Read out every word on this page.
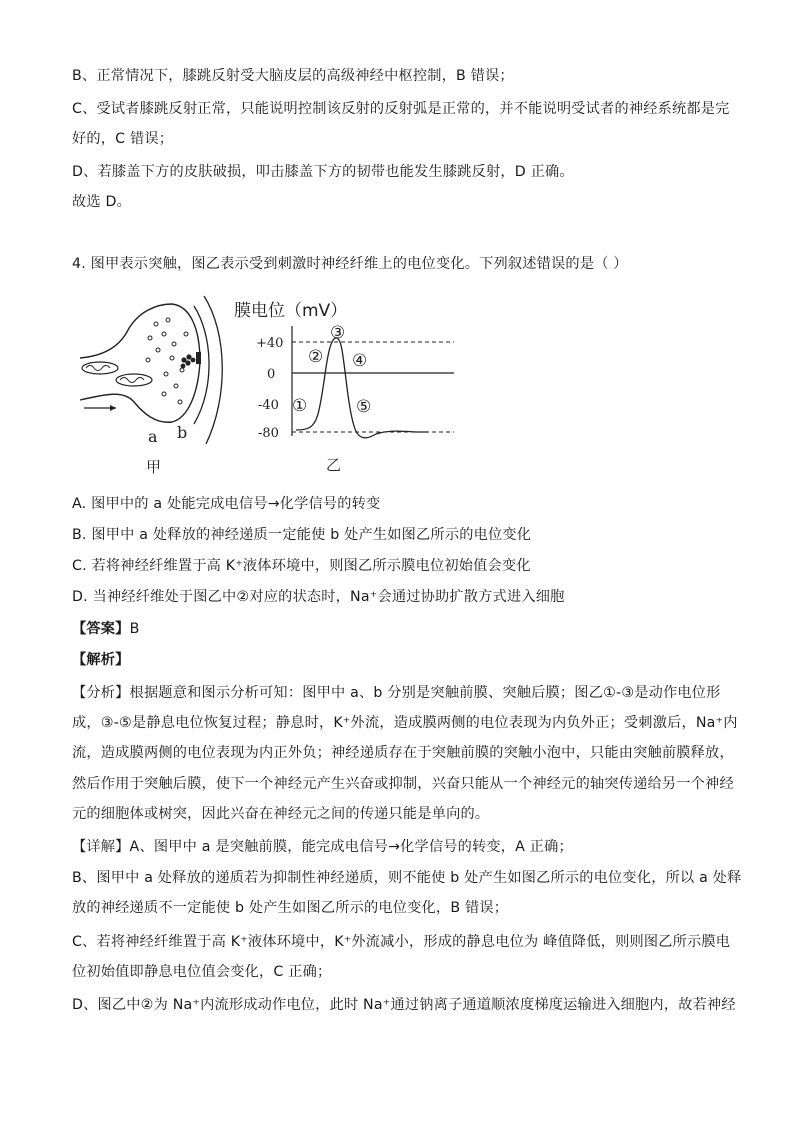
B、正常情况下，膝跳反射受大脑皮层的高级神经中枢控制，B 错误；
C、受试者膝跳反射正常，只能说明控制该反射的反射弧是正常的，并不能说明受试者的神经系统都是完
好的，C 错误；
D、若膝盖下方的皮肤破损，叩击膝盖下方的韧带也能发生膝跳反射，D 正确。
故选 D。
4. 图甲表示突触，图乙表示受到刺激时神经纤维上的电位变化。下列叙述错误的是（ ）
a b
甲
膜电位（mV）
+40
0
-40
-80
①
②
③
④
⑤
乙
A. 图甲中的 a 处能完成电信号→化学信号的转变
B. 图甲中 a 处释放的神经递质一定能使 b 处产生如图乙所示的电位变化
C. 若将神经纤维置于高 K⁺液体环境中，则图乙所示膜电位初始值会变化
D. 当神经纤维处于图乙中②对应的状态时，Na⁺会通过协助扩散方式进入细胞
【答案】B
【解析】
【分析】根据题意和图示分析可知：图甲中 a、b 分别是突触前膜、突触后膜；图乙①-③是动作电位形
成，③-⑤是静息电位恢复过程；静息时，K⁺外流，造成膜两侧的电位表现为内负外正；受刺激后，Na⁺内
流，造成膜两侧的电位表现为内正外负；神经递质存在于突触前膜的突触小泡中，只能由突触前膜释放，
然后作用于突触后膜，使下一个神经元产生兴奋或抑制，兴奋只能从一个神经元的轴突传递给另一个神经
元的细胞体或树突，因此兴奋在神经元之间的传递只能是单向的。
【详解】A、图甲中 a 是突触前膜，能完成电信号→化学信号的转变，A 正确；
B、图甲中 a 处释放的递质若为抑制性神经递质，则不能使 b 处产生如图乙所示的电位变化，所以 a 处释
放的神经递质不一定能使 b 处产生如图乙所示的电位变化，B 错误；
C、若将神经纤维置于高 K⁺液体环境中，K⁺外流减小，形成的静息电位为 峰值降低，则则图乙所示膜电
位初始值即静息电位值会变化，C 正确；
D、图乙中②为 Na⁺内流形成动作电位，此时 Na⁺通过钠离子通道顺浓度梯度运输进入细胞内，故若神经
